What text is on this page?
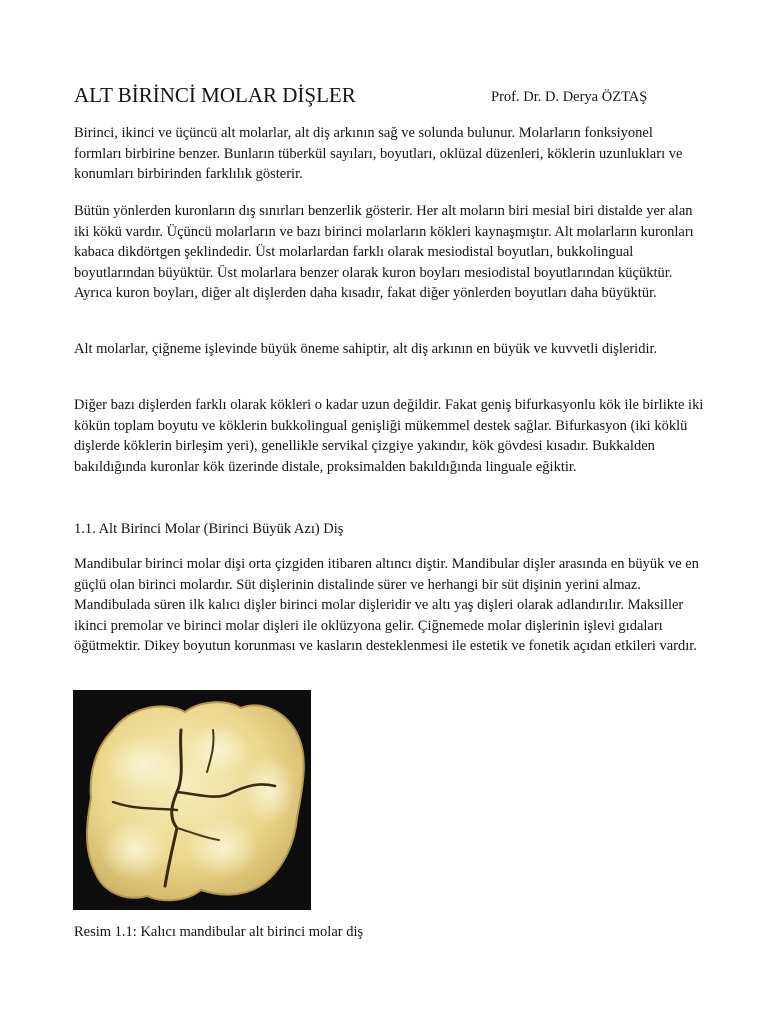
ALT BİRİNCİ MOLAR DİŞLER	Prof. Dr. D. Derya ÖZTAŞ

Birinci, ikinci ve üçüncü alt molarlar, alt diş arkının sağ ve solunda bulunur. Molarların fonksiyonel formları birbirine benzer. Bunların tüberkül sayıları, boyutları, oklüzal düzenleri, köklerin uzunlukları ve konumları birbirinden farklılık gösterir.

Bütün yönlerden kuronların dış sınırları benzerlik gösterir. Her alt moların biri mesial biri distalde yer alan iki kökü vardır. Üçüncü molarların ve bazı birinci molarların kökleri kaynaşmıştır. Alt molarların kuronları kabaca dikdörtgen şeklindedir. Üst molarlardan farklı olarak mesiodistal boyutları, bukkolingual boyutlarından büyüktür. Üst molarlara benzer olarak kuron boyları mesiodistal boyutlarından küçüktür. Ayrıca kuron boyları, diğer alt dişlerden daha kısadır, fakat diğer yönlerden boyutları daha büyüktür.

Alt molarlar, çiğneme işlevinde büyük öneme sahiptir, alt diş arkının en büyük ve kuvvetli dişleridir.

Diğer bazı dişlerden farklı olarak kökleri o kadar uzun değildir. Fakat geniş bifurkasyonlu kök ile birlikte iki kökün toplam boyutu ve köklerin bukkolingual genişliği mükemmel destek sağlar. Bifurkasyon (iki köklü dişlerde köklerin birleşim yeri), genellikle servikal çizgiye yakındır, kök gövdesi kısadır. Bukkalden bakıldığında kuronlar kök üzerinde distale, proksimalden bakıldığında linguale eğiktir.

1.1. Alt Birinci Molar (Birinci Büyük Azı) Diş

Mandibular birinci molar dişi orta çizgiden itibaren altıncı diştir. Mandibular dişler arasında en büyük ve en güçlü olan birinci molardır. Süt dişlerinin distalinde sürer ve herhangi bir süt dişinin yerini almaz. Mandibulada süren ilk kalıcı dişler birinci molar dişleridir ve altı yaş dişleri olarak adlandırılır. Maksiller ikinci premolar ve birinci molar dişleri ile oklüzyona gelir. Çiğnemede molar dişlerinin işlevi gıdaları öğütmektir. Dikey boyutun korunması ve kasların desteklenmesi ile estetik ve fonetik açıdan etkileri vardır.

Resim 1.1: Kalıcı mandibular alt birinci molar diş
